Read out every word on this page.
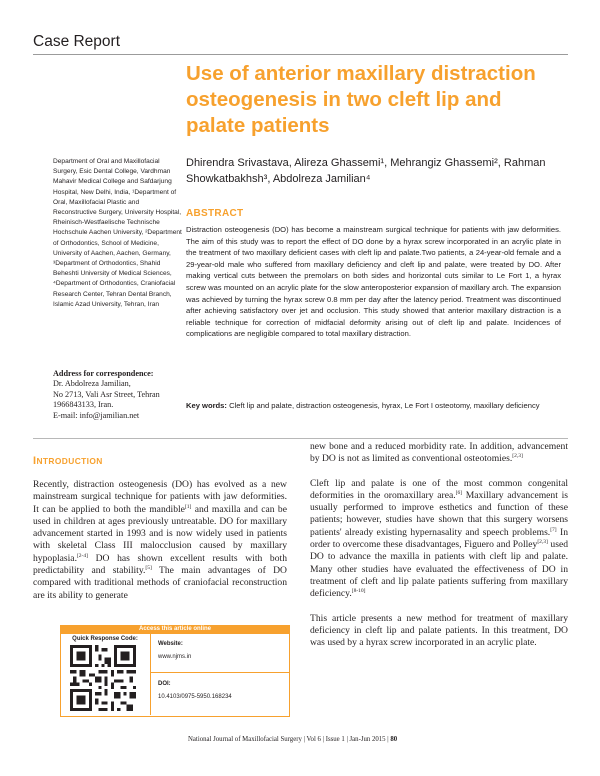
Case Report
Use of anterior maxillary distraction osteogenesis in two cleft lip and palate patients
Department of Oral and Maxillofacial Surgery, Esic Dental College, Vardhman Mahavir Medical College and Safdarjung Hospital, New Delhi, India, ¹Department of Oral, Maxillofacial Plastic and Reconstructive Surgery, University Hospital, Rheinisch-Westfaelische Technische Hochschule Aachen University, ²Department of Orthodontics, School of Medicine, University of Aachen, Aachen, Germany, ³Department of Orthodontics, Shahid Beheshti University of Medical Sciences, ⁴Department of Orthodontics, Craniofacial Research Center, Tehran Dental Branch, Islamic Azad University, Tehran, Iran
Address for correspondence:
Dr. Abdolreza Jamilian,
No 2713, Vali Asr Street, Tehran 1966843133, Iran.
E-mail: info@jamilian.net
Dhirendra Srivastava, Alireza Ghassemi¹, Mehrangiz Ghassemi², Rahman Showkatbakhsh³, Abdolreza Jamilian⁴
ABSTRACT
Distraction osteogenesis (DO) has become a mainstream surgical technique for patients with jaw deformities. The aim of this study was to report the effect of DO done by a hyrax screw incorporated in an acrylic plate in the treatment of two maxillary deficient cases with cleft lip and palate.Two patients, a 24-year-old female and a 29-year-old male who suffered from maxillary deficiency and cleft lip and palate, were treated by DO. After making vertical cuts between the premolars on both sides and horizontal cuts similar to Le Fort 1, a hyrax screw was mounted on an acrylic plate for the slow anteroposterior expansion of maxillary arch. The expansion was achieved by turning the hyrax screw 0.8 mm per day after the latency period. Treatment was discontinued after achieving satisfactory over jet and occlusion. This study showed that anterior maxillary distraction is a reliable technique for correction of midfacial deformity arising out of cleft lip and palate. Incidences of complications are negligible compared to total maxillary distraction.
Key words: Cleft lip and palate, distraction osteogenesis, hyrax, Le Fort I osteotomy, maxillary deficiency
INTRODUCTION

Recently, distraction osteogenesis (DO) has evolved as a new mainstream surgical technique for patients with jaw deformities. It can be applied to both the mandible[1] and maxilla and can be used in children at ages previously untreatable. DO for maxillary advancement started in 1993 and is now widely used in patients with skeletal Class III malocclusion caused by maxillary hypoplasia.[2-4] DO has shown excellent results with both predictability and stability.[5] The main advantages of DO compared with traditional methods of craniofacial reconstruction are its ability to generate

new bone and a reduced morbidity rate. In addition, advancement by DO is not as limited as conventional osteotomies.[2,3]

Cleft lip and palate is one of the most common congenital deformities in the oromaxillary area.[6] Maxillary advancement is usually performed to improve esthetics and function of these patients; however, studies have shown that this surgery worsens patients' already existing hypernasality and speech problems.[7] In order to overcome these disadvantages, Figuero and Polley[2,3] used DO to advance the maxilla in patients with cleft lip and palate. Many other studies have evaluated the effectiveness of DO in treatment of cleft and lip palate patients suffering from maxillary deficiency.[8-10]

This article presents a new method for treatment of maxillary deficiency in cleft lip and palate patients. In this treatment, DO was used by a hyrax screw incorporated in an acrylic plate.

Access this article online
Quick Response Code:
Website:
www.njms.in
DOI:
10.4103/0975-5950.168234
National Journal of Maxillofacial Surgery | Vol 6 | Issue 1 | Jan-Jun 2015 | 80
